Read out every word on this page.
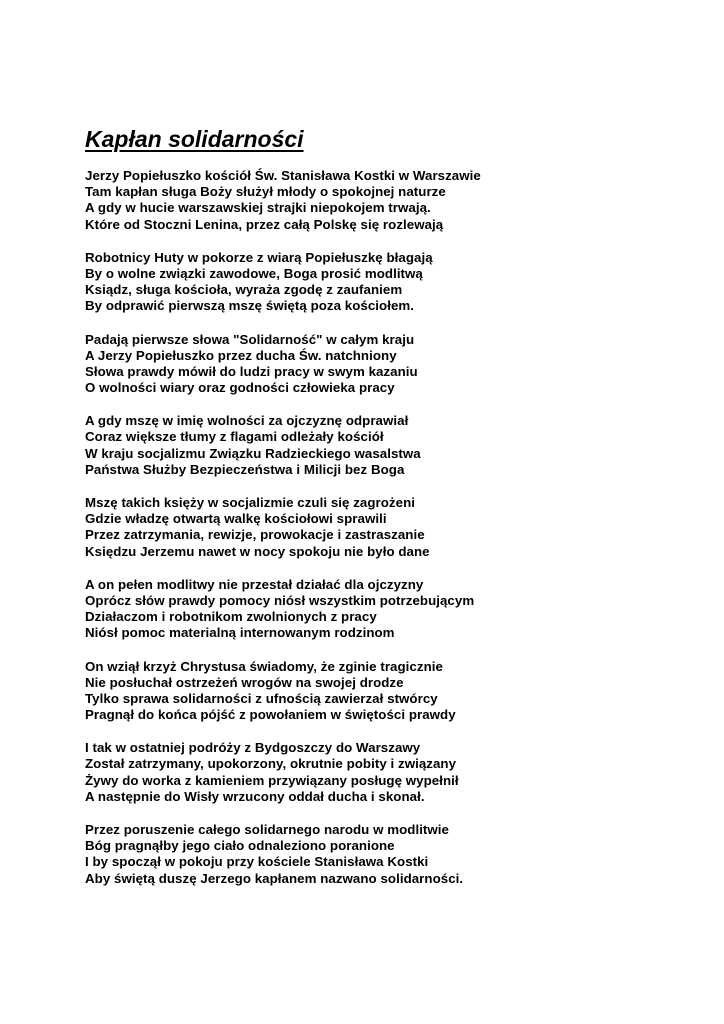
Kapłan solidarności
Jerzy Popiełuszko kościół Św. Stanisława Kostki w Warszawie
Tam kapłan sługa Boży służył młody o spokojnej naturze
A gdy w hucie warszawskiej strajki niepokojem trwają.
Które od Stoczni Lenina, przez całą Polskę się rozlewają
Robotnicy Huty w pokorze z wiarą Popiełuszkę błagają
By o wolne związki zawodowe, Boga prosić modlitwą
Ksiądz, sługa kościoła, wyraża zgodę z zaufaniem
By odprawić pierwszą mszę świętą poza kościołem.
Padają pierwsze słowa "Solidarność" w całym kraju
A Jerzy Popiełuszko przez ducha Św. natchniony
Słowa prawdy mówił do ludzi pracy w swym kazaniu
O wolności wiary oraz godności człowieka pracy
A gdy mszę w imię wolności za ojczyznę odprawiał
Coraz większe tłumy z flagami odleżały kościół
W kraju socjalizmu Związku Radzieckiego wasalstwa
Państwa Służby Bezpieczeństwa i Milicji bez Boga
Mszę takich księży w socjalizmie czuli się zagrożeni
Gdzie władzę otwartą walkę kościołowi sprawili
Przez zatrzymania, rewizje, prowokacje i zastraszanie
Księdzu Jerzemu nawet w nocy spokoju nie było dane
A on pełen modlitwy nie przestał działać dla ojczyzny
Oprócz słów prawdy pomocy niósł wszystkim potrzebującym
Działaczom i robotnikom zwolnionych z pracy
Niósł pomoc materialną internowanym rodzinom
On wziął krzyż Chrystusa świadomy, że zginie tragicznie
Nie posłuchał ostrzeżeń wrogów na swojej drodze
Tylko sprawa solidarności z ufnością zawierzał stwórcy
Pragnął do końca pójść z powołaniem w świętości prawdy
I tak w ostatniej podróży z Bydgoszczy do Warszawy
Został zatrzymany, upokorzony, okrutnie pobity i związany
Żywy do worka z kamieniem przywiązany posługę wypełnił
A następnie do Wisły wrzucony oddał ducha i skonał.
Przez poruszenie całego solidarnego narodu w modlitwie
Bóg pragnąłby jego ciało odnaleziono poranione
I by spoczął w pokoju przy kościele Stanisława Kostki
Aby świętą duszę Jerzego kapłanem nazwano solidarności.
